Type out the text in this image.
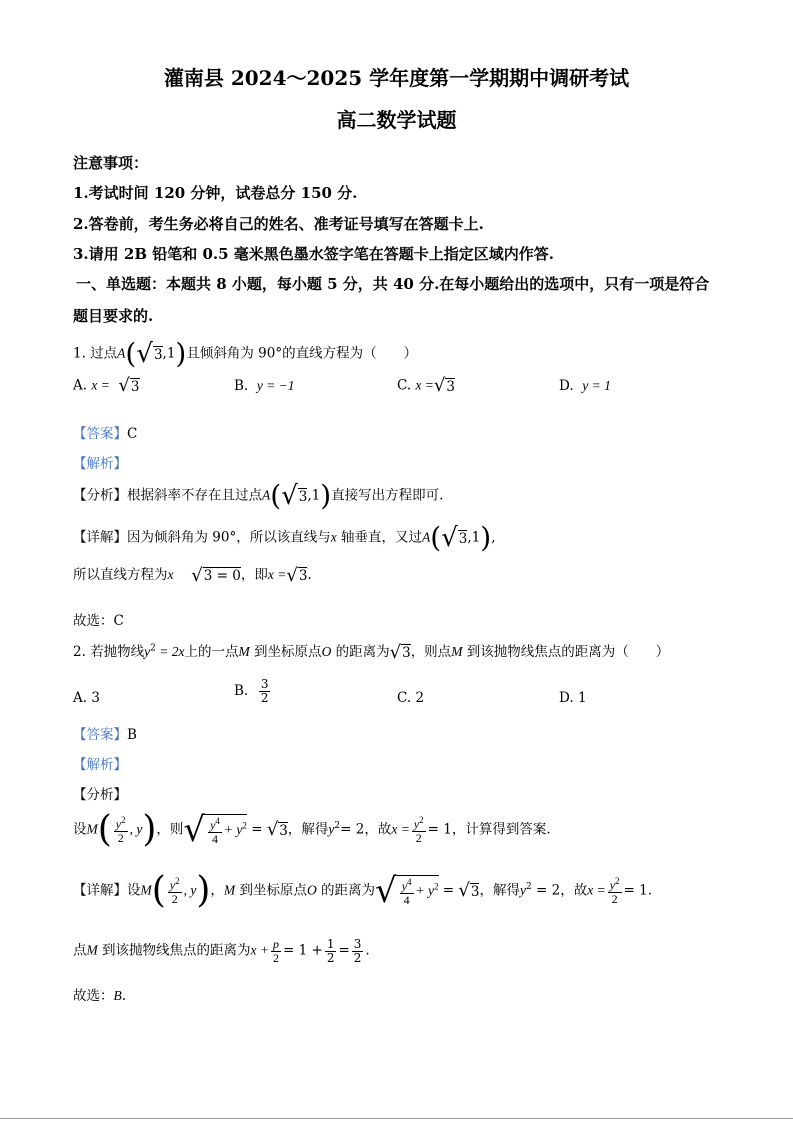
灌南县 2024～2025 学年度第一学期期中调研考试
高二数学试题
注意事项：
1.考试时间 120 分钟，试卷总分 150 分.
2.答卷前，考生务必将自己的姓名、准考证号填写在答题卡上.
3.请用 2B 铅笔和 0.5 毫米黑色墨水签字笔在答题卡上指定区域内作答.
一、单选题：本题共 8 小题，每小题 5 分，共 40 分.在每小题给出的选项中，只有一项是符合
题目要求的.
1. 过点A( √ 3 ,1)且倾斜角为 90°的直线方程为（　　）
A. x = √ 3	B. y = −1	C. x = √ 3	D. y = 1
【答案】C
【解析】
【分析】根据斜率不存在且过点A( √ 3 ,1)直接写出方程即可.
【详解】因为倾斜角为 90°，所以该直线与x 轴垂直，又过A( √ 3 ,1),
所以直线方程为x　 √ 3 = 0 ，即x = √ 3 .
故选：C
2. 若抛物线$y^2 = 2x$上的一点M 到坐标原点O 的距离为 √ 3 ，则点M 到该抛物线焦点的距离为（　　）
A. 3	B. $\frac{3}{2}$	C. 2	D. 1
【答案】B
【解析】
【分析】
设$M( \frac{y^2}{2}$ , y)，则 √ $\frac{y^4}{4} + y^2$ = √ 3 ，解得$y^2= 2$，故$x = \frac{y^2}{2} = 1$，计算得到答案.
【详解】设$M( \frac{y^2}{2}$ , y)，M 到坐标原点O 的距离为 √ $\frac{y^4}{4} + y^2$ = √ 3 ，解得$y^2 = 2$，故$x = \frac{y^2}{2} = 1$.
点M 到该抛物线焦点的距离为$x + \frac{p}{2} = 1 + \frac{1}{2} = \frac{3}{2}$ .
故选：B.
